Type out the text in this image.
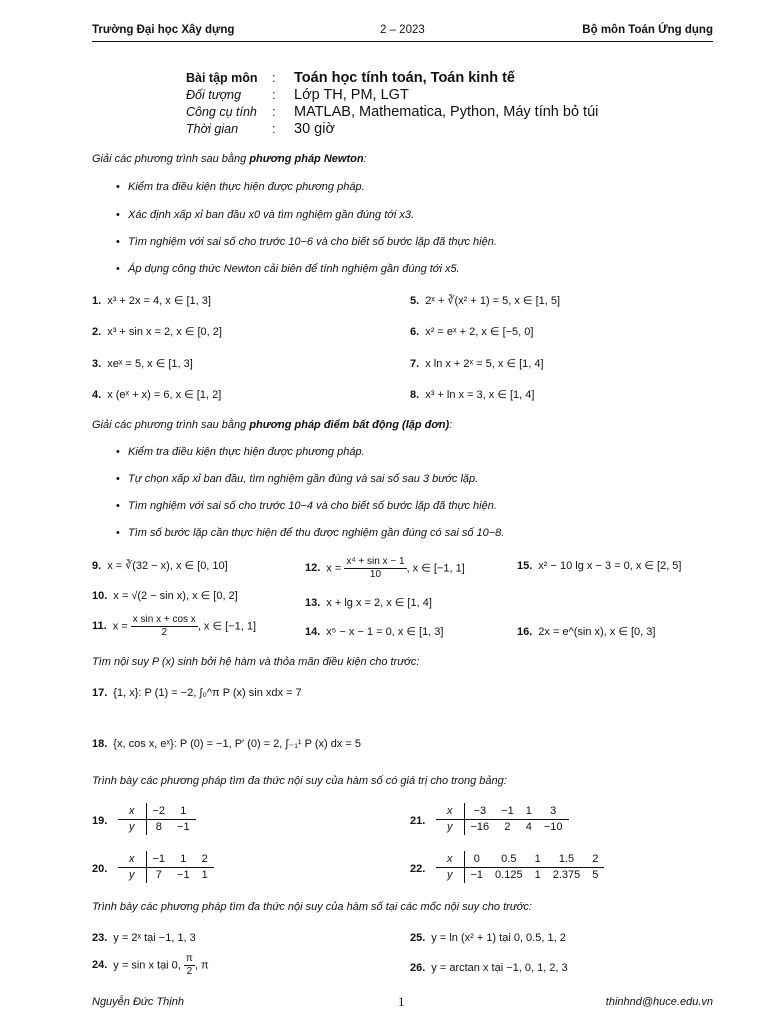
Trường Đại học Xây dựng	2 – 2023	Bộ môn Toán Ứng dụng
Bài tập môn	:	Toán học tính toán, Toán kinh tế
Đối tượng	:	Lớp TH, PM, LGT
Công cụ tính	:	MATLAB, Mathematica, Python, Máy tính bỏ túi
Thời gian	:	30 giờ
Giải các phương trình sau bằng phương pháp Newton:
• Kiểm tra điều kiện thực hiện được phương pháp.
• Xác định xấp xỉ ban đầu x0 và tìm nghiệm gần đúng tới x3.
• Tìm nghiệm với sai số cho trước 10−6 và cho biết số bước lặp đã thực hiện.
• Áp dụng công thức Newton cải biên để tính nghiệm gần đúng tới x5.
1. x³ + 2x = 4, x ∈ [1, 3]
2. x³ + sin x = 2, x ∈ [0, 2]
3. xeˣ = 5, x ∈ [1, 3]
4. x (eˣ + x) = 6, x ∈ [1, 2]
5. 2ˣ + ∛(x² + 1) = 5, x ∈ [1, 5]
6. x² = eˣ + 2, x ∈ [−5, 0]
7. x ln x + 2ˣ = 5, x ∈ [1, 4]
8. x³ + ln x = 3, x ∈ [1, 4]
Giải các phương trình sau bằng phương pháp điểm bất động (lặp đơn):
• Kiểm tra điều kiện thực hiện được phương pháp.
• Tự chọn xấp xỉ ban đầu, tìm nghiệm gần đúng và sai số sau 3 bước lặp.
• Tìm nghiệm với sai số cho trước 10−4 và cho biết số bước lặp đã thực hiện.
• Tìm số bước lặp cần thực hiện để thu được nghiệm gần đúng có sai số 10−8.
9. x = ∛(32 − x), x ∈ [0, 10]
10. x = √(2 − sin x), x ∈ [0, 2]
11. $x = \frac{\text{x sin x + cos x}}{2}$ , x ∈ [−1, 1]
12. $x = \frac{\text{x⁴ + sin x − 1}}{10}$ , x ∈ [−1, 1]
13. x + lg x = 2, x ∈ [1, 4]
14. x⁵ − x − 1 = 0, x ∈ [1, 3]
15. x² − 10 lg x − 3 = 0, x ∈ [2, 5]
16. 2x = e^(sin x), x ∈ [0, 3]
Tìm nội suy P (x) sinh bởi hệ hàm và thỏa mãn điều kiện cho trước:
17. {1, x}: P (1) = −2, ∫₀^π P (x) sin xdx = 7
18. {x, cos x, eˣ}: P (0) = −1, P′ (0) = 2, ∫₋₁¹ P (x) dx = 5
Trình bày các phương pháp tìm đa thức nội suy của hàm số có giá trị cho trong bảng:
19.
x	−2	1
y	8	−1
20.
x	−1	1	2
y	7	−1	1
21.
x	−3	−1	1	3
y	−16	2	4	−10
22.
x	0	0.5	1	1.5	2
y	−1	0.125	1	2.375	5
Trình bày các phương pháp tìm đa thức nội suy của hàm số tại các mốc nội suy cho trước:
23. y = 2ˣ tại −1, 1, 3
24. y = sin x tại 0, $\frac{\pi}{2}$ , π
25. y = ln (x² + 1) tại 0, 0.5, 1, 2
26. y = arctan x tại −1, 0, 1, 2, 3
Nguyễn Đức Thịnh	1	thinhnd@huce.edu.vn
